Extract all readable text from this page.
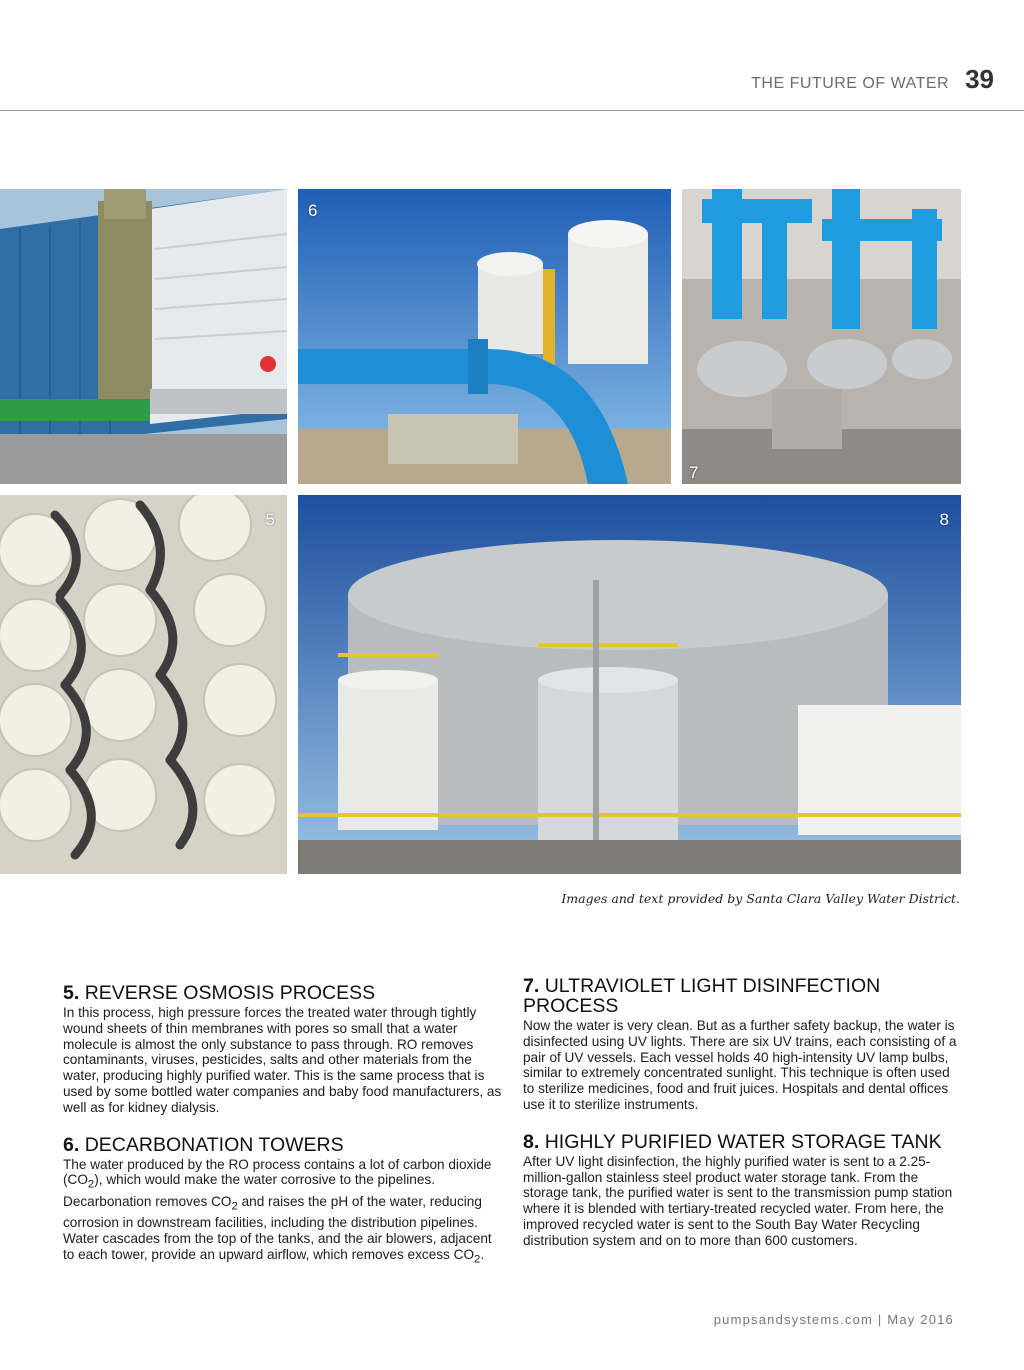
THE FUTURE OF WATER 39
6
7
5	8
Images and text provided by Santa Clara Valley Water District.
5. REVERSE OSMOSIS PROCESS
In this process, high pressure forces the treated water through tightly wound sheets of thin membranes with pores so small that a water molecule is almost the only substance to pass through. RO removes contaminants, viruses, pesticides, salts and other materials from the water, producing highly purified water. This is the same process that is used by some bottled water companies and baby food manufacturers, as well as for kidney dialysis.
6. DECARBONATION TOWERS
The water produced by the RO process contains a lot of carbon dioxide $(CO_2)$, which would make the water corrosive to the pipelines. Decarbonation removes $CO_2$ and raises the pH of the water, reducing corrosion in downstream facilities, including the distribution pipelines. Water cascades from the top of the tanks, and the air blowers, adjacent to each tower, provide an upward airflow, which removes excess $CO_2$.
7. ULTRAVIOLET LIGHT DISINFECTION PROCESS
Now the water is very clean. But as a further safety backup, the water is disinfected using UV lights. There are six UV trains, each consisting of a pair of UV vessels. Each vessel holds 40 high-intensity UV lamp bulbs, similar to extremely concentrated sunlight. This technique is often used to sterilize medicines, food and fruit juices. Hospitals and dental offices use it to sterilize instruments.
8. HIGHLY PURIFIED WATER STORAGE TANK
After UV light disinfection, the highly purified water is sent to a 2.25-million-gallon stainless steel product water storage tank. From the storage tank, the purified water is sent to the transmission pump station where it is blended with tertiary-treated recycled water. From here, the improved recycled water is sent to the South Bay Water Recycling distribution system and on to more than 600 customers.
pumpsandsystems.com | May 2016
